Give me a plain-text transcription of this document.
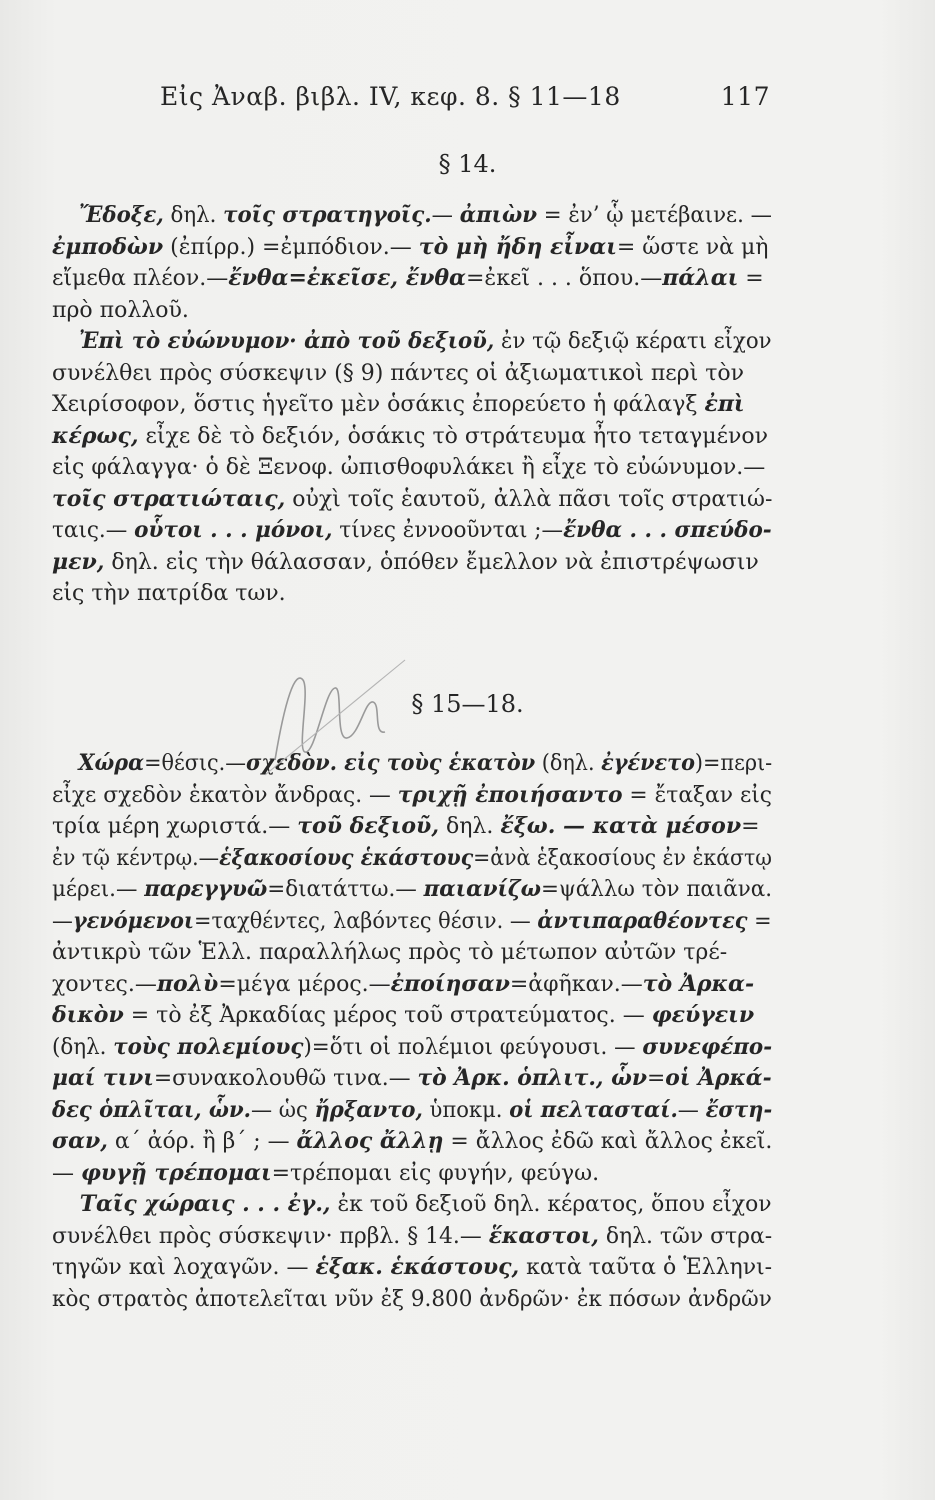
Εἰς Ἀναβ. βιβλ. IV, κεφ. 8. § 11—18	117
§ 14.
Ἔδοξε, δηλ. τοῖς στρατηγοῖς.— ἀπιὼν = ἐν’ ᾧ μετέβαινε. —
ἐμποδὼν (ἐπίρρ.) =ἐμπόδιον.— τὸ μὴ ἤδη εἶναι= ὥστε νὰ μὴ
εἴμεθα πλέον.—ἔνθα=ἐκεῖσε, ἔνθα=ἐκεῖ . . . ὅπου.—πάλαι =
πρὸ πολλοῦ.
Ἐπὶ τὸ εὐώνυμον· ἀπὸ τοῦ δεξιοῦ, ἐν τῷ δεξιῷ κέρατι εἶχον
συνέλθει πρὸς σύσκεψιν (§ 9) πάντες οἱ ἀξιωματικοὶ περὶ τὸν
Χειρίσοφον, ὅστις ἡγεῖτο μὲν ὁσάκις ἐπορεύετο ἡ φάλαγξ ἐπὶ
κέρως, εἶχε δὲ τὸ δεξιόν, ὁσάκις τὸ στράτευμα ἦτο τεταγμένον
εἰς φάλαγγα· ὁ δὲ Ξενοφ. ὠπισθοφυλάκει ἢ εἶχε τὸ εὐώνυμον.—
τοῖς στρατιώταις, οὐχὶ τοῖς ἑαυτοῦ, ἀλλὰ πᾶσι τοῖς στρατιώ-
ταις.— οὗτοι . . . μόνοι, τίνες ἐννοοῦνται ;—ἔνθα . . . σπεύδο-
μεν, δηλ. εἰς τὴν θάλασσαν, ὁπόθεν ἔμελλον νὰ ἐπιστρέψωσιν
εἰς τὴν πατρίδα των.
§ 15—18.
Χώρα=θέσις.—σχεδὸν. εἰς τοὺς ἑκατὸν (δηλ. ἐγένετο)=περι-
εἶχε σχεδὸν ἑκατὸν ἄνδρας. — τριχῇ ἐποιήσαντο = ἔταξαν εἰς
τρία μέρη χωριστά.— τοῦ δεξιοῦ, δηλ. ἔξω. — κατὰ μέσον=
ἐν τῷ κέντρῳ.—ἑξακοσίους ἑκάστους=ἀνὰ ἑξακοσίους ἐν ἑκάστῳ
μέρει.— παρεγγυῶ=διατάττω.— παιανίζω=ψάλλω τὸν παιᾶνα.
—γενόμενοι=ταχθέντες, λαβόντες θέσιν. — ἀντιπαραθέοντες =
ἀντικρὺ τῶν Ἑλλ. παραλλήλως πρὸς τὸ μέτωπον αὐτῶν τρέ-
χοντες.—πολὺ=μέγα μέρος.—ἐποίησαν=ἀφῆκαν.—τὸ Ἀρκα-
δικὸν = τὸ ἐξ Ἀρκαδίας μέρος τοῦ στρατεύματος. — φεύγειν
(δηλ. τοὺς πολεμίους)=ὅτι οἱ πολέμιοι φεύγουσι. — συνεφέπο-
μαί τινι=συνακολουθῶ τινα.— τὸ Ἀρκ. ὁπλιτ., ὧν=οἱ Ἀρκά-
δες ὁπλῖται, ὧν.— ὡς ἤρξαντο, ὑποκμ. οἱ πελτασταί.— ἔστη-
σαν, α΄ ἀόρ. ἢ β΄ ; — ἄλλος ἄλλῃ = ἄλλος ἐδῶ καὶ ἄλλος ἐκεῖ.
— φυγῇ τρέπομαι=τρέπομαι εἰς φυγήν, φεύγω.
Ταῖς χώραις . . . ἐγ., ἐκ τοῦ δεξιοῦ δηλ. κέρατος, ὅπου εἶχον
συνέλθει πρὸς σύσκεψιν· πρβλ. § 14.— ἕκαστοι, δηλ. τῶν στρα-
τηγῶν καὶ λοχαγῶν. — ἑξακ. ἑκάστους, κατὰ ταῦτα ὁ Ἑλληνι-
κὸς στρατὸς ἀποτελεῖται νῦν ἐξ 9.800 ἀνδρῶν· ἐκ πόσων ἀνδρῶν
